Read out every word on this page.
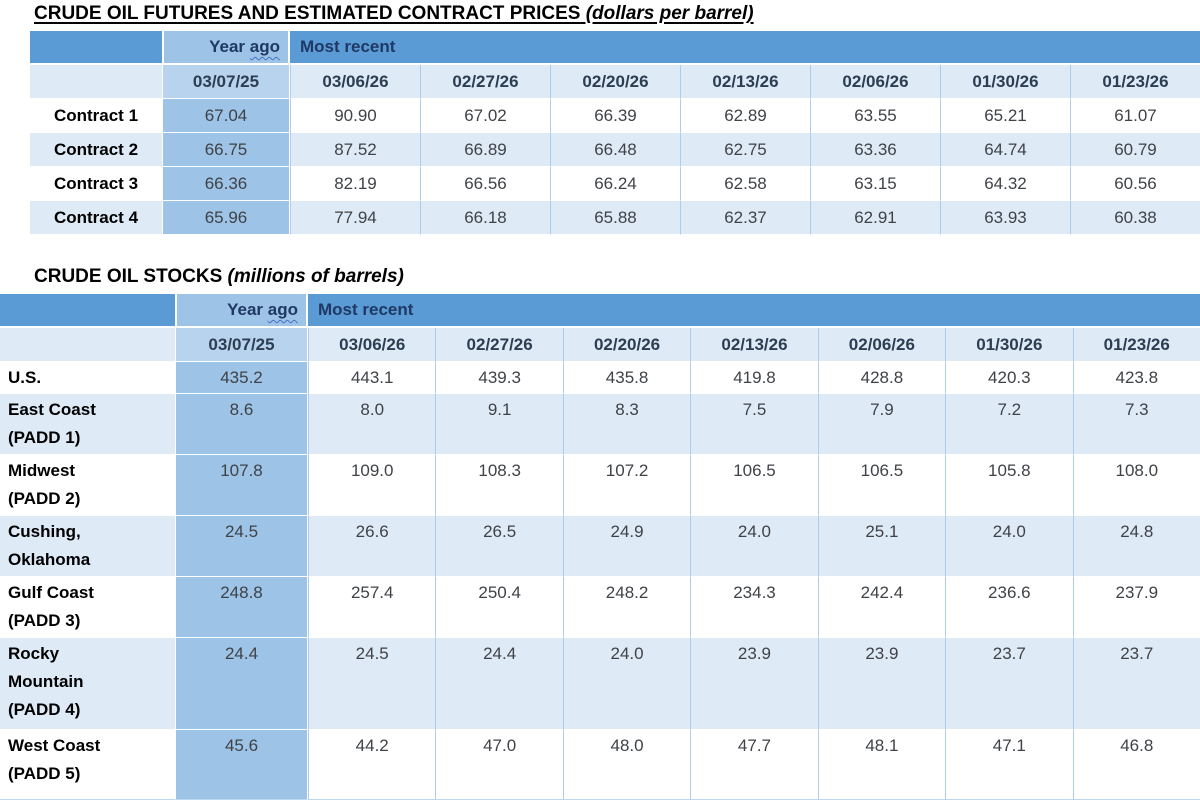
CRUDE OIL FUTURES AND ESTIMATED CONTRACT PRICES (dollars per barrel)
	Year ago	Most recent						
	03/07/25	03/06/26	02/27/26	02/20/26	02/13/26	02/06/26	01/30/26	01/23/26

Contract 1	67.04	90.90	67.02	66.39	62.89	63.55	65.21	61.07

Contract 2	66.75	87.52	66.89	66.48	62.75	63.36	64.74	60.79

Contract 3	66.36	82.19	66.56	66.24	62.58	63.15	64.32	60.56

Contract 4	65.96	77.94	66.18	65.88	62.37	62.91	63.93	60.38
CRUDE OIL STOCKS (millions of barrels)
	Year ago	Most recent						
	03/07/25	03/06/26	02/27/26	02/20/26	02/13/26	02/06/26	01/30/26	01/23/26

U.S.	435.2	443.1	439.3	435.8	419.8	428.8	420.3	423.8

East Coast
(PADD 1)	8.6	8.0	9.1	8.3	7.5	7.9	7.2	7.3

Midwest
(PADD 2)	107.8	109.0	108.3	107.2	106.5	106.5	105.8	108.0

Cushing,
Oklahoma	24.5	26.6	26.5	24.9	24.0	25.1	24.0	24.8

Gulf Coast
(PADD 3)	248.8	257.4	250.4	248.2	234.3	242.4	236.6	237.9

Rocky
Mountain
(PADD 4)	24.4	24.5	24.4	24.0	23.9	23.9	23.7	23.7

West Coast
(PADD 5)	45.6	44.2	47.0	48.0	47.7	48.1	47.1	46.8
